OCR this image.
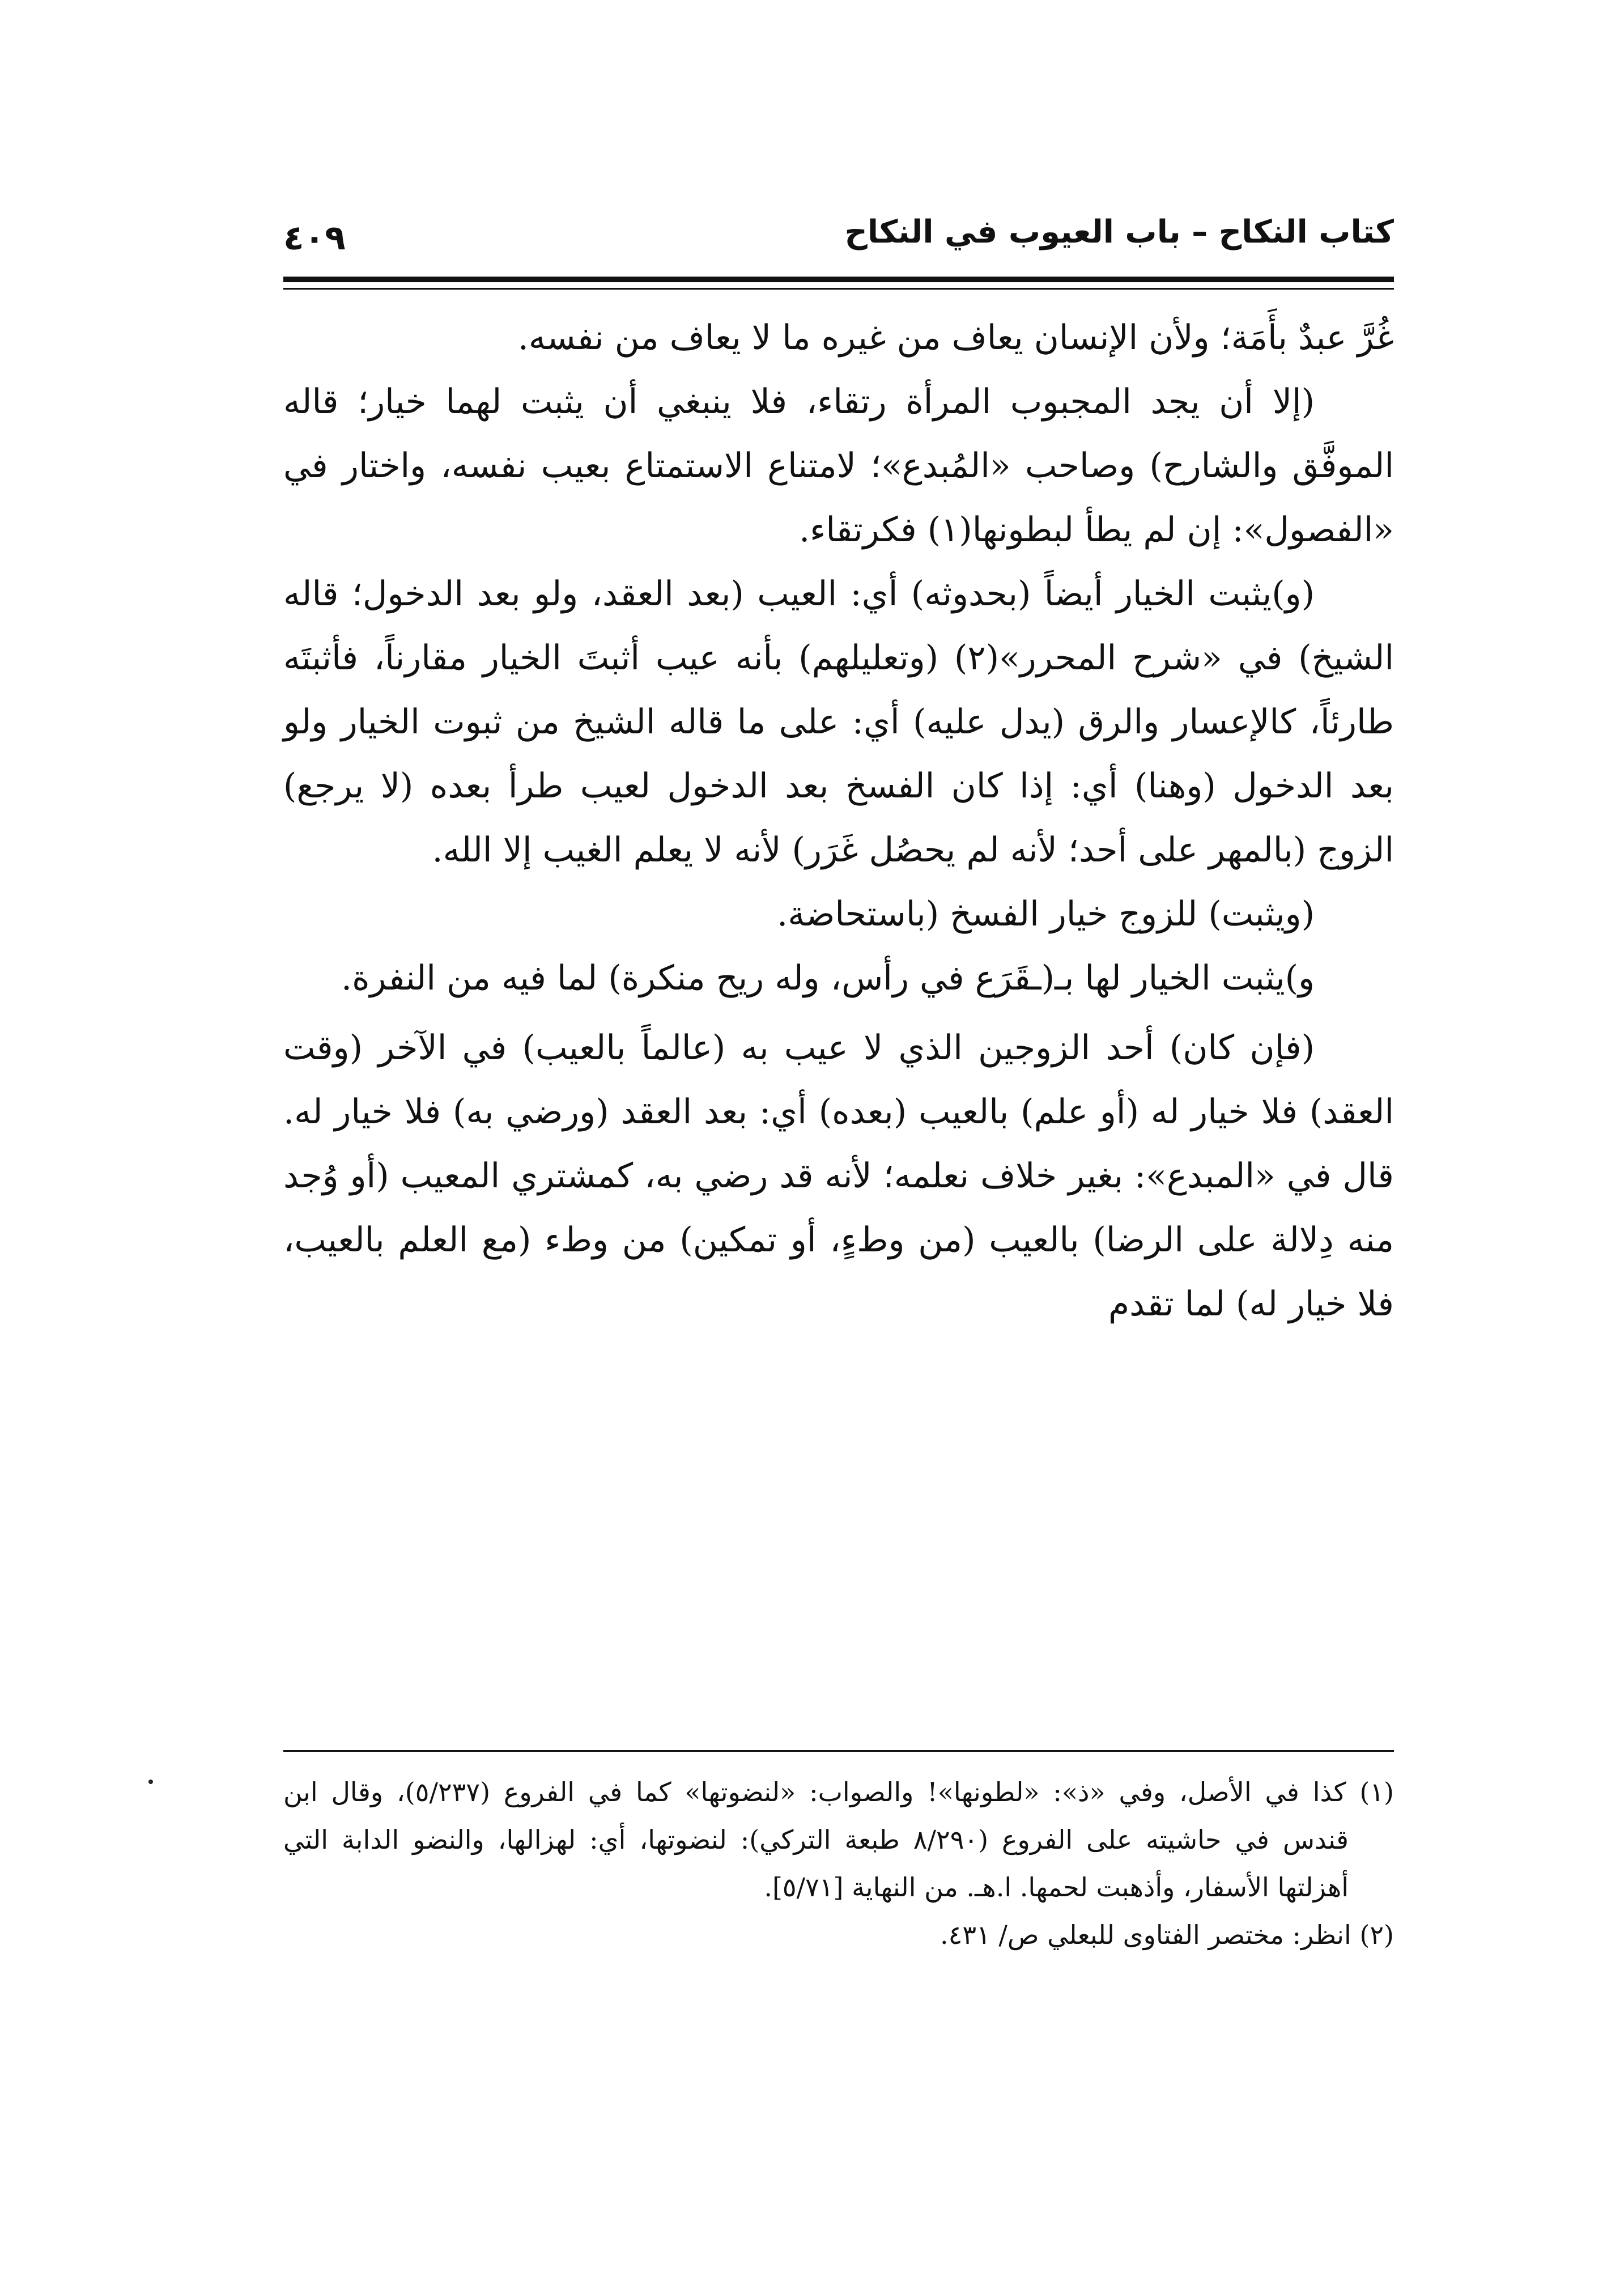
كتاب النكاح – باب العيوب في النكاح
٤٠٩

غُرَّ عبدٌ بأَمَة؛ ولأن الإنسان يعاف من غيره ما لا يعاف من نفسه.

(إلا أن يجد المجبوب المرأة رتقاء، فلا ينبغي أن يثبت لهما خيار؛ قاله الموفَّق والشارح) وصاحب «المُبدع»؛ لامتناع الاستمتاع بعيب نفسه، واختار في «الفصول»: إن لم يطأ لبطونها(١) فكرتقاء.

(و)يثبت الخيار أيضاً (بحدوثه) أي: العيب (بعد العقد، ولو بعد الدخول؛ قاله الشيخ) في «شرح المحرر»(٢) (وتعليلهم) بأنه عيب أثبتَ الخيار مقارناً، فأثبتَه طارئاً، كالإعسار والرق (يدل عليه) أي: على ما قاله الشيخ من ثبوت الخيار ولو بعد الدخول (وهنا) أي: إذا كان الفسخ بعد الدخول لعيب طرأ بعده (لا يرجع) الزوج (بالمهر على أحد؛ لأنه لم يحصُل غَرَر) لأنه لا يعلم الغيب إلا الله.

(ويثبت) للزوج خيار الفسخ (باستحاضة.

و)يثبت الخيار لها بـ(ـقَرَع في رأس، وله ريح منكرة) لما فيه من النفرة.

(فإن كان) أحد الزوجين الذي لا عيب به (عالماً بالعيب) في الآخر (وقت العقد) فلا خيار له (أو علم) بالعيب (بعده) أي: بعد العقد (ورضي به) فلا خيار له. قال في «المبدع»: بغير خلاف نعلمه؛ لأنه قد رضي به، كمشتري المعيب (أو وُجد منه دِلالة على الرضا) بالعيب (من وطءٍ، أو تمكين) من وطء (مع العلم بالعيب، فلا خيار له) لما تقدم

(١) كذا في الأصل، وفي «ذ»: «لطونها»! والصواب: «لنضوتها» كما في الفروع (٥/٢٣٧)، وقال ابن قندس في حاشيته على الفروع (٨/٢٩٠ طبعة التركي): لنضوتها، أي: لهزالها، والنضو الدابة التي أهزلتها الأسفار، وأذهبت لحمها. ا.هـ. من النهاية [٥/٧١].

(٢) انظر: مختصر الفتاوى للبعلي ص/ ٤٣١.
